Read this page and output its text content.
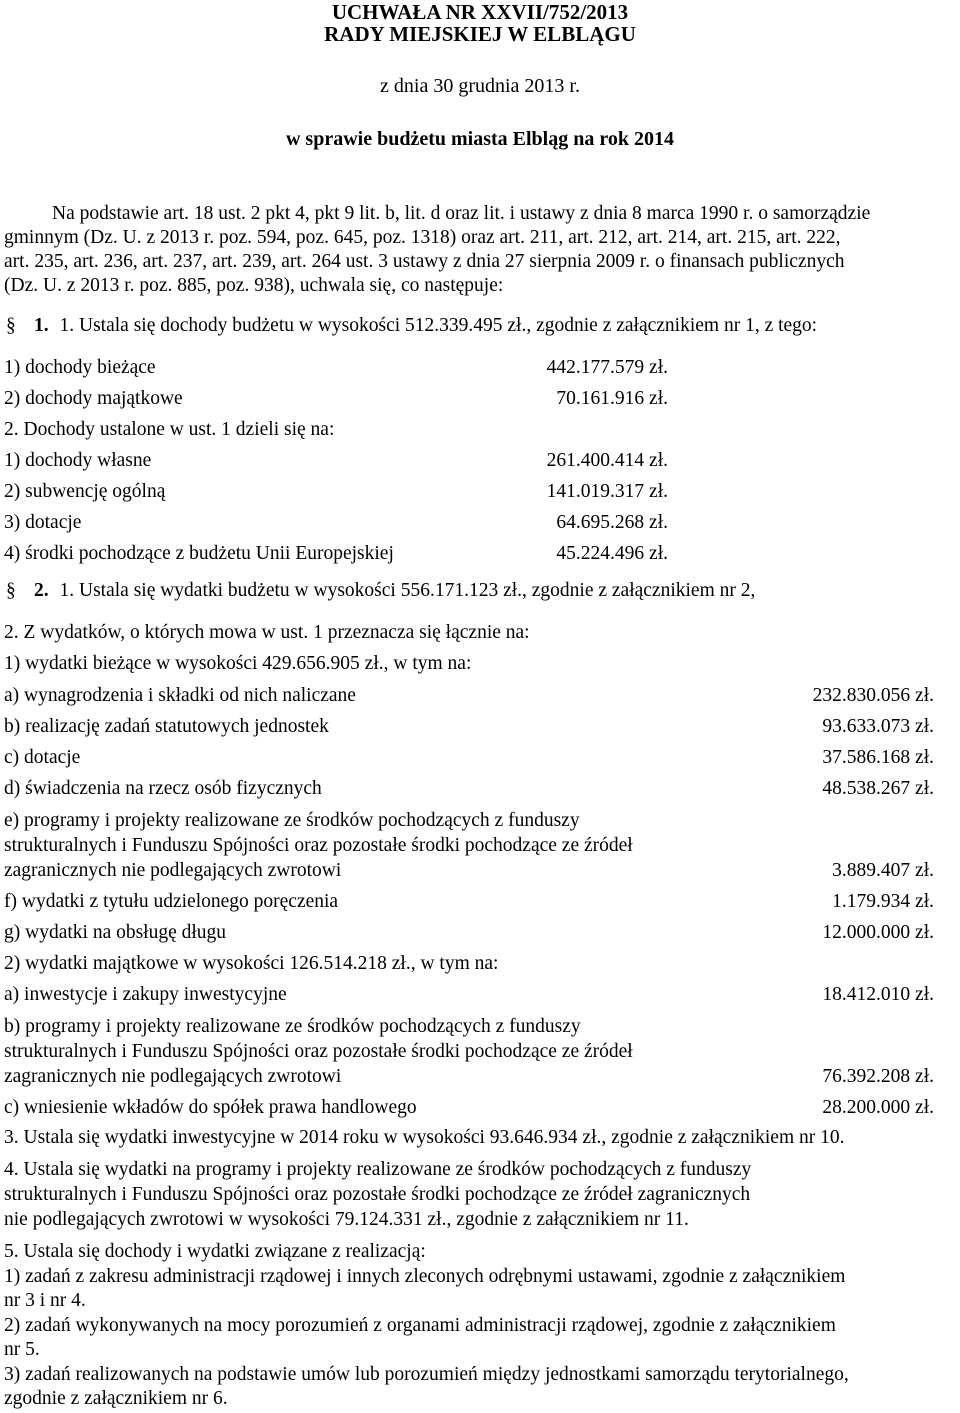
UCHWAŁA NR XXVII/752/2013
RADY MIEJSKIEJ W ELBLĄGU
z dnia 30 grudnia 2013 r.
w sprawie budżetu miasta Elbląg na rok 2014
Na podstawie art. 18 ust. 2 pkt 4, pkt 9 lit. b, lit. d oraz lit. i ustawy z dnia 8 marca 1990 r. o samorządzie
gminnym (Dz. U. z 2013 r. poz. 594, poz. 645, poz. 1318) oraz art. 211, art. 212, art. 214, art. 215, art. 222,
art. 235, art. 236, art. 237, art. 239, art. 264 ust. 3 ustawy z dnia 27 sierpnia 2009 r. o finansach publicznych
(Dz. U. z 2013 r. poz. 885, poz. 938), uchwala się, co następuje:
§ 1. 1. Ustala się dochody budżetu w wysokości 512.339.495 zł., zgodnie z załącznikiem nr 1, z tego:
1) dochody bieżące	442.177.579 zł.
2) dochody majątkowe	70.161.916 zł.
2. Dochody ustalone w ust. 1 dzieli się na:
1) dochody własne	261.400.414 zł.
2) subwencję ogólną	141.019.317 zł.
3) dotacje	64.695.268 zł.
4) środki pochodzące z budżetu Unii Europejskiej	45.224.496 zł.
§ 2. 1. Ustala się wydatki budżetu w wysokości 556.171.123 zł., zgodnie z załącznikiem nr 2,
2. Z wydatków, o których mowa w ust. 1 przeznacza się łącznie na:
1) wydatki bieżące w wysokości 429.656.905 zł., w tym na:
a) wynagrodzenia i składki od nich naliczane	232.830.056 zł.
b) realizację zadań statutowych jednostek	93.633.073 zł.
c) dotacje	37.586.168 zł.
d) świadczenia na rzecz osób fizycznych	48.538.267 zł.
e) programy i projekty realizowane ze środków pochodzących z funduszy
strukturalnych i Funduszu Spójności oraz pozostałe środki pochodzące ze źródeł
zagranicznych nie podlegających zwrotowi	3.889.407 zł.
f) wydatki z tytułu udzielonego poręczenia	1.179.934 zł.
g) wydatki na obsługę długu	12.000.000 zł.
2) wydatki majątkowe w wysokości 126.514.218 zł., w tym na:
a) inwestycje i zakupy inwestycyjne	18.412.010 zł.
b) programy i projekty realizowane ze środków pochodzących z funduszy
strukturalnych i Funduszu Spójności oraz pozostałe środki pochodzące ze źródeł
zagranicznych nie podlegających zwrotowi	76.392.208 zł.
c) wniesienie wkładów do spółek prawa handlowego	28.200.000 zł.
3. Ustala się wydatki inwestycyjne w 2014 roku w wysokości 93.646.934 zł., zgodnie z załącznikiem nr 10.
4. Ustala się wydatki na programy i projekty realizowane ze środków pochodzących z funduszy
strukturalnych i Funduszu Spójności oraz pozostałe środki pochodzące ze źródeł zagranicznych
nie podlegających zwrotowi w wysokości 79.124.331 zł., zgodnie z załącznikiem nr 11.
5. Ustala się dochody i wydatki związane z realizacją:
1) zadań z zakresu administracji rządowej i innych zleconych odrębnymi ustawami, zgodnie z załącznikiem
nr 3 i nr 4.
2) zadań wykonywanych na mocy porozumień z organami administracji rządowej, zgodnie z załącznikiem
nr 5.
3) zadań realizowanych na podstawie umów lub porozumień między jednostkami samorządu terytorialnego,
zgodnie z załącznikiem nr 6.
